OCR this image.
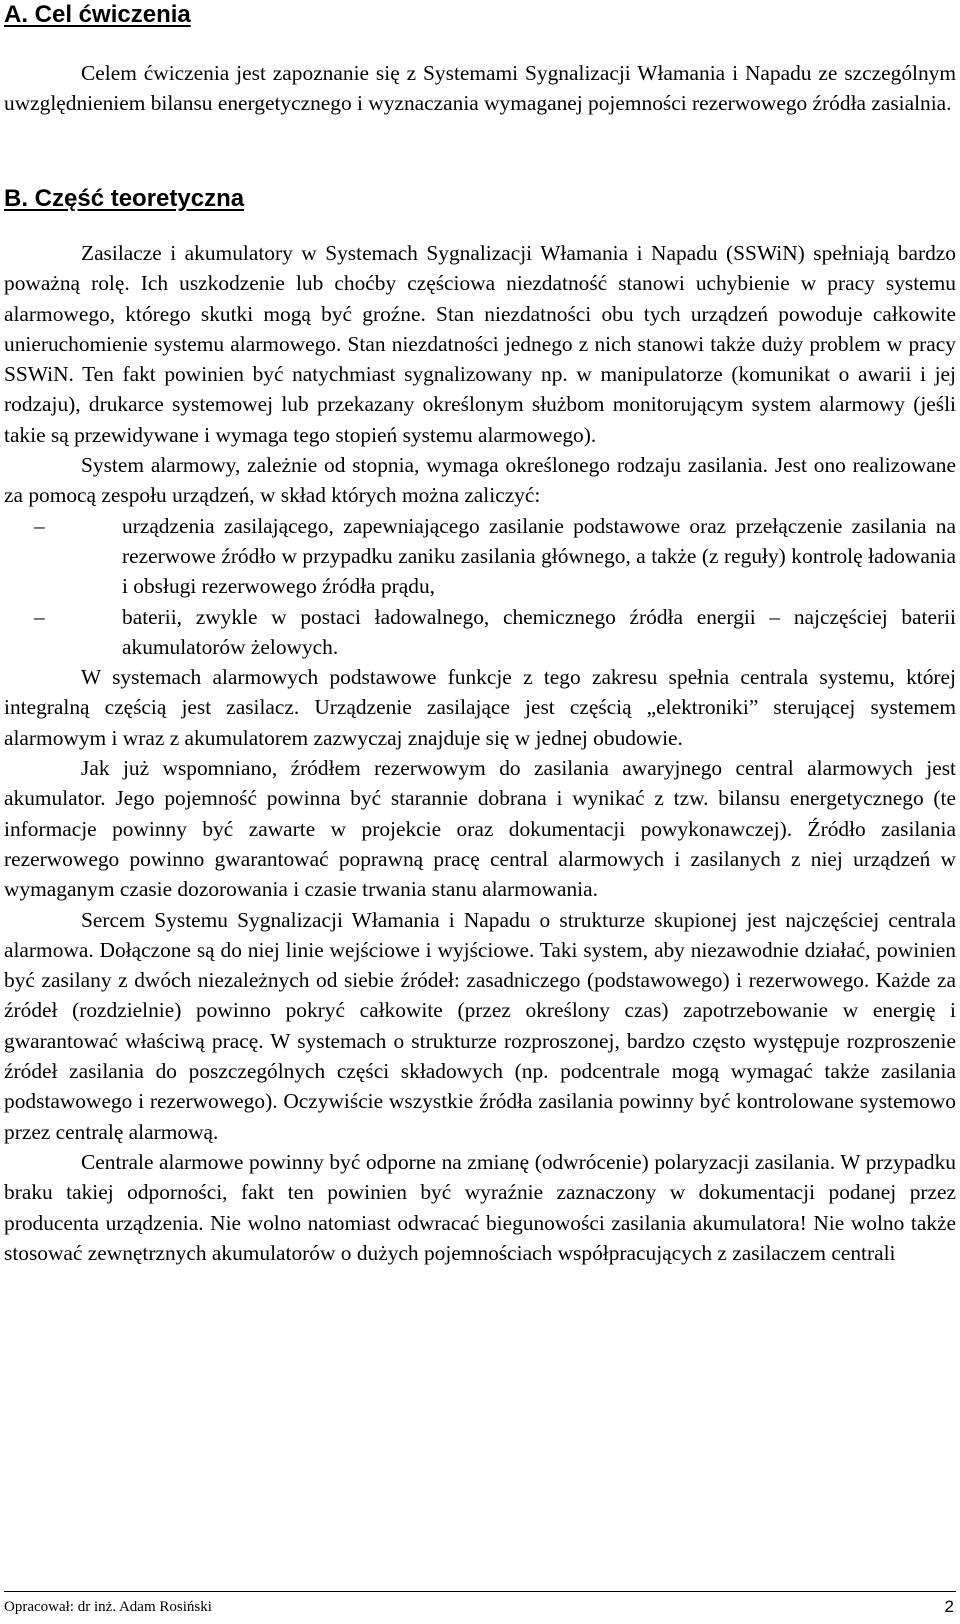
A. Cel ćwiczenia

Celem ćwiczenia jest zapoznanie się z Systemami Sygnalizacji Włamania i Napadu ze szczególnym uwzględnieniem bilansu energetycznego i wyznaczania wymaganej pojemności rezerwowego źródła zasialnia.

B. Część teoretyczna

Zasilacze i akumulatory w Systemach Sygnalizacji Włamania i Napadu (SSWiN) spełniają bardzo poważną rolę. Ich uszkodzenie lub choćby częściowa niezdatność stanowi uchybienie w pracy systemu alarmowego, którego skutki mogą być groźne. Stan niezdatności obu tych urządzeń powoduje całkowite unieruchomienie systemu alarmowego. Stan niezdatności jednego z nich stanowi także duży problem w pracy SSWiN. Ten fakt powinien być natychmiast sygnalizowany np. w manipulatorze (komunikat o awarii i jej rodzaju), drukarce systemowej lub przekazany określonym służbom monitorującym system alarmowy (jeśli takie są przewidywane i wymaga tego stopień systemu alarmowego).

System alarmowy, zależnie od stopnia, wymaga określonego rodzaju zasilania. Jest ono realizowane za pomocą zespołu urządzeń, w skład których można zaliczyć:

–	urządzenia zasilającego, zapewniającego zasilanie podstawowe oraz przełączenie zasilania na rezerwowe źródło w przypadku zaniku zasilania głównego, a także (z reguły) kontrolę ładowania i obsługi rezerwowego źródła prądu,
–	baterii, zwykle w postaci ładowalnego, chemicznego źródła energii – najczęściej baterii akumulatorów żelowych.

W systemach alarmowych podstawowe funkcje z tego zakresu spełnia centrala systemu, której integralną częścią jest zasilacz. Urządzenie zasilające jest częścią „elektroniki” sterującej systemem alarmowym i wraz z akumulatorem zazwyczaj znajduje się w jednej obudowie.

Jak już wspomniano, źródłem rezerwowym do zasilania awaryjnego central alarmowych jest akumulator. Jego pojemność powinna być starannie dobrana i wynikać z tzw. bilansu energetycznego (te informacje powinny być zawarte w projekcie oraz dokumentacji powykonawczej). Źródło zasilania rezerwowego powinno gwarantować poprawną pracę central alarmowych i zasilanych z niej urządzeń w wymaganym czasie dozorowania i czasie trwania stanu alarmowania.

Sercem Systemu Sygnalizacji Włamania i Napadu o strukturze skupionej jest najczęściej centrala alarmowa. Dołączone są do niej linie wejściowe i wyjściowe. Taki system, aby niezawodnie działać, powinien być zasilany z dwóch niezależnych od siebie źródeł: zasadniczego (podstawowego) i rezerwowego. Każde za źródeł (rozdzielnie) powinno pokryć całkowite (przez określony czas) zapotrzebowanie w energię i gwarantować właściwą pracę. W systemach o strukturze rozproszonej, bardzo często występuje rozproszenie źródeł zasilania do poszczególnych części składowych (np. podcentrale mogą wymagać także zasilania podstawowego i rezerwowego). Oczywiście wszystkie źródła zasilania powinny być kontrolowane systemowo przez centralę alarmową.

Centrale alarmowe powinny być odporne na zmianę (odwrócenie) polaryzacji zasilania. W przypadku braku takiej odporności, fakt ten powinien być wyraźnie zaznaczony w dokumentacji podanej przez producenta urządzenia. Nie wolno natomiast odwracać biegunowości zasilania akumulatora! Nie wolno także stosować zewnętrznych akumulatorów o dużych pojemnościach współpracujących z zasilaczem centrali

Opracował: dr inż. Adam Rosiński	2
